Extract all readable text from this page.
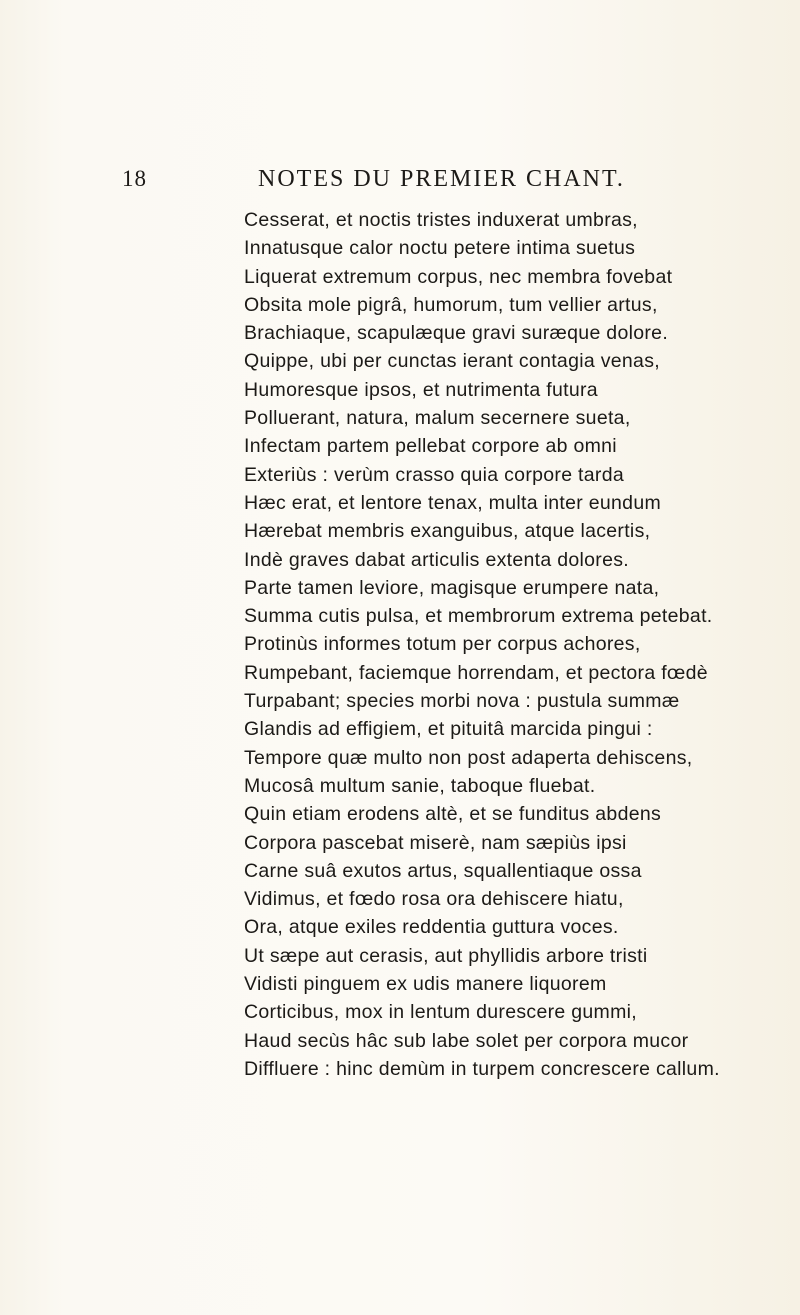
18	NOTES DU PREMIER CHANT.
Cesserat, et noctis tristes induxerat umbras,
Innatusque calor noctu petere intima suetus
Liquerat extremum corpus, nec membra fovebat
Obsita mole pigrâ, humorum, tum vellier artus,
Brachiaque, scapulæque gravi suræque dolore.
Quippe, ubi per cunctas ierant contagia venas,
Humoresque ipsos, et nutrimenta futura
Polluerant, natura, malum secernere sueta,
Infectam partem pellebat corpore ab omni
Exteriùs : verùm crasso quia corpore tarda
Hæc erat, et lentore tenax, multa inter eundum
Hærebat membris exanguibus, atque lacertis,
Indè graves dabat articulis extenta dolores.
Parte tamen leviore, magisque erumpere nata,
Summa cutis pulsa, et membrorum extrema petebat.
Protinùs informes totum per corpus achores,
Rumpebant, faciemque horrendam, et pectora fœdè
Turpabant; species morbi nova : pustula summæ
Glandis ad effigiem, et pituitâ marcida pingui :
Tempore quæ multo non post adaperta dehiscens,
Mucosâ multum sanie, taboque fluebat.
Quin etiam erodens altè, et se funditus abdens
Corpora pascebat miserè, nam sæpiùs ipsi
Carne suâ exutos artus, squallentiaque ossa
Vidimus, et fœdo rosa ora dehiscere hiatu,
Ora, atque exiles reddentia guttura voces.
Ut sæpe aut cerasis, aut phyllidis arbore tristi
Vidisti pinguem ex udis manere liquorem
Corticibus, mox in lentum durescere gummi,
Haud secùs hâc sub labe solet per corpora mucor
Diffluere : hinc demùm in turpem concrescere callum.
